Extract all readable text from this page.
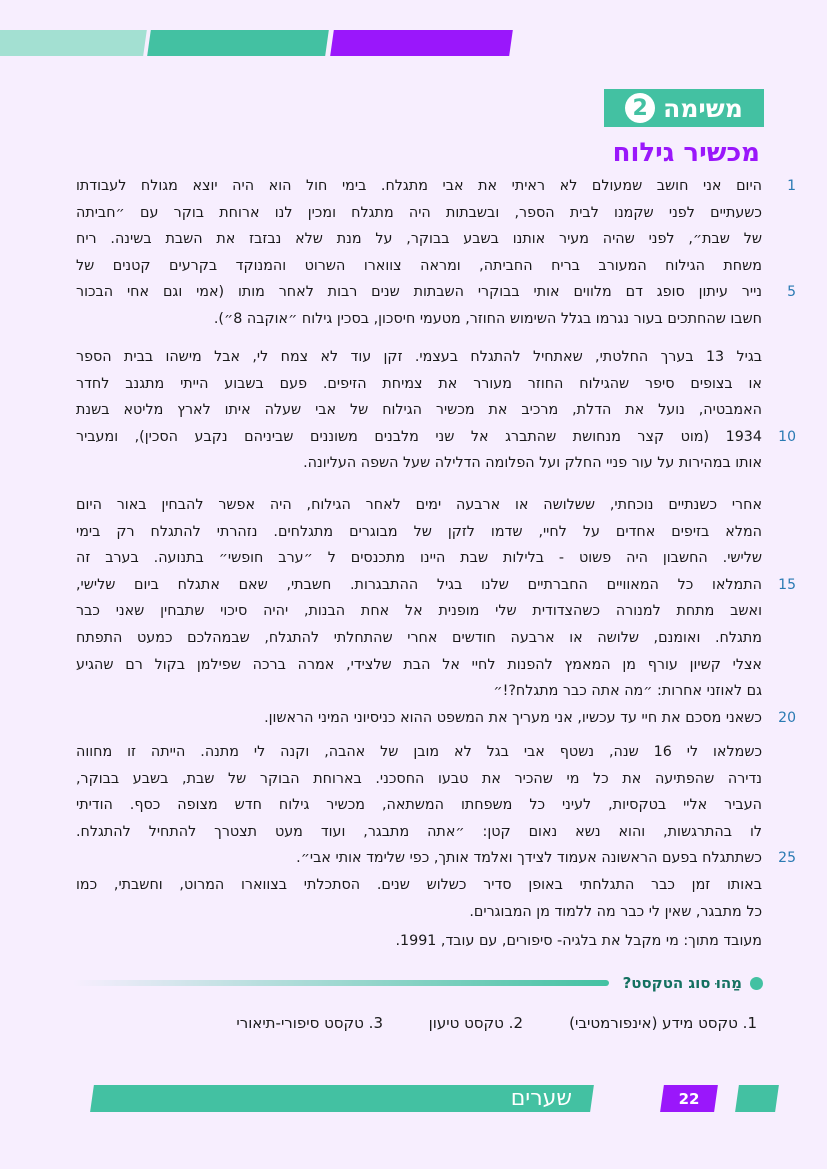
משימה
2
מכשיר גילוח
1
היום אני חושב שמעולם לא ראיתי את אבי מתגלח. בימי חול הוא היה יוצא מגולח לעבודתו
כשעתיים לפני שקמנו לבית הספר, ובשבתות היה מתגלח ומכין לנו ארוחת בוקר עם ״חביתה
של שבת״, לפני שהיה מעיר אותנו בשבע בבוקר, על מנת שלא נבזבז את השבת בשינה. ריח
משחת הגילוח המעורב בריח החביתה, ומראה צווארו השרוט והמנוקד בקרעים קטנים של
5
נייר עיתון סופג דם מלווים אותי בבוקרי השבתות שנים רבות לאחר מותו (אמי וגם אחי הבכור
חשבו שהחתכים בעור נגרמו בגלל השימוש החוזר, מטעמי חיסכון, בסכין גילוח ״אוקבה 8״).
בגיל 13 בערך החלטתי, שאתחיל להתגלח בעצמי. זקן עוד לא צמח לי, אבל מישהו בבית הספר
או בצופים סיפר שהגילוח החוזר מעורר את צמיחת הזיפים. פעם בשבוע הייתי מתגנב לחדר
האמבטיה, נועל את הדלת, מרכיב את מכשיר הגילוח של אבי שעלה איתו לארץ מליטא בשנת
10
1934 (מוט קצר מנחושת שהתברג אל שני מלבנים משוננים שביניהם נקבע הסכין), ומעביר
אותו במהירות על עור פניי החלק ועל הפלומה הדלילה שעל השפה העליונה.
אחרי כשנתיים נוכחתי, ששלושה או ארבעה ימים לאחר הגילוח, היה אפשר להבחין באור היום
המלא בזיפים אחדים על לחיי, שדמו לזקן של מבוגרים מתגלחים. נזהרתי להתגלח רק בימי
שלישי. החשבון היה פשוט - בלילות שבת היינו מתכנסים ל ״ערב חופשי״ בתנועה. בערב זה
15
התמלאו כל המאוויים החברתיים שלנו בגיל ההתבגרות. חשבתי, שאם אתגלח ביום שלישי,
ואשב מתחת למנורה כשהצדודית שלי מופנית אל אחת הבנות, יהיה סיכוי שתבחין שאני כבר
מתגלח. ואומנם, שלושה או ארבעה חודשים אחרי שהתחלתי להתגלח, שבמהלכם כמעט התפתח
אצלי קשיון עורף מן המאמץ להפנות לחיי אל הבת שלצידי, אמרה ברכה שפילמן בקול רם שהגיע
גם לאוזני אחרות: ״מה אתה כבר מתגלח?!״
20
כשאני מסכם את חיי עד עכשיו, אני מעריך את המשפט ההוא כניסיוני המיני הראשון.
כשמלאו לי 16 שנה, נשטף אבי בגל לא מובן של אהבה, וקנה לי מתנה. הייתה זו מחווה
נדירה שהפתיעה את כל מי שהכיר את טבעו החסכני. בארוחת הבוקר של שבת, בשבע בבוקר,
העביר אליי בטקסיות, לעיני כל משפחתו המשתאה, מכשיר גילוח חדש מצופה כסף. הודיתי
לו בהתרגשות, והוא נשא נאום קטן: ״אתה מתבגר, ועוד מעט תצטרך להתחיל להתגלח.
25
כשתתגלח בפעם הראשונה אעמוד לצידך ואלמד אותך, כפי שלימד אותי אבי״.
באותו זמן כבר התגלחתי באופן סדיר כשלוש שנים. הסתכלתי בצווארו המרוט, וחשבתי, כמו
כל מתבגר, שאין לי כבר מה ללמוד מן המבוגרים.
מעובד מתוך: מי מקבל את בלגיה- סיפורים, עם עובד, 1991.
מַהוּ סוג הטקסט?
1. טקסט מידע (אינפורמטיבי)
2. טקסט טיעון
3. טקסט סיפורי-תיאורי
שערים	22
